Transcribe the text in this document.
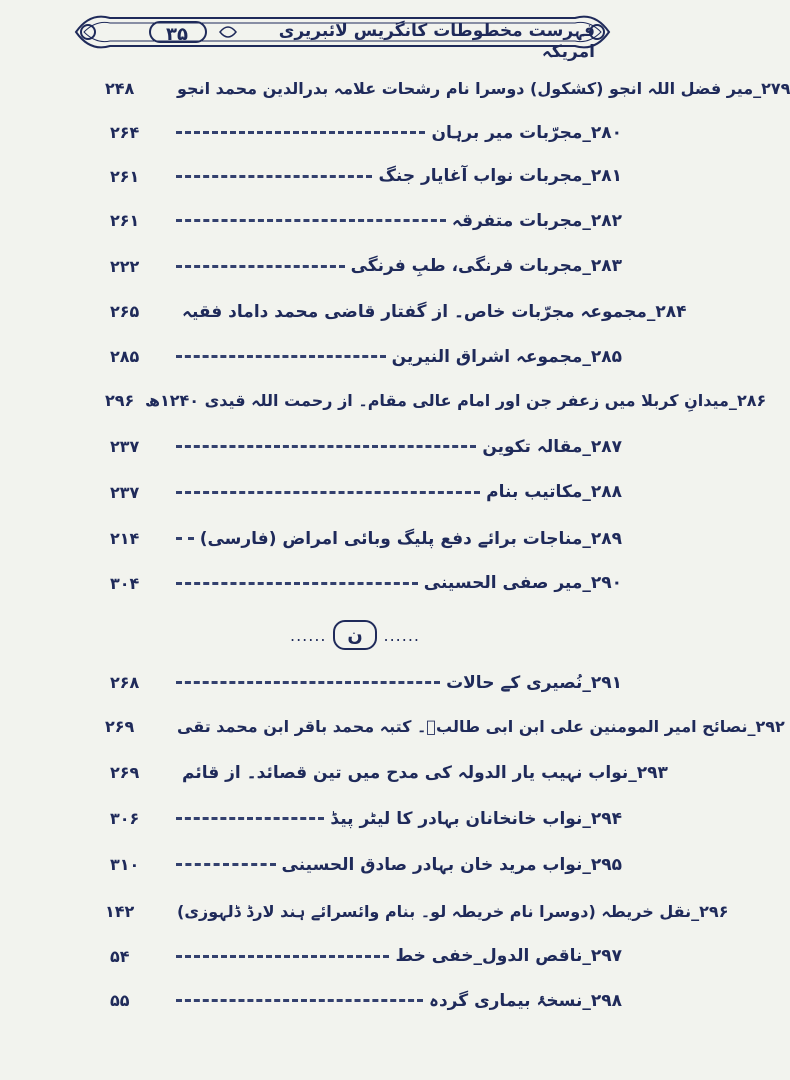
۳۵	فہرست مخطوطات کانگریس لائبریری امریکہ
۲۴۸	۲۷۹_میر فضل اللہ انجو (کشکول) دوسرا نام رشحات علامہ بدرالدین محمد انجو
۲۶۴	۲۸۰_مجرّبات میر برہان
۲۶۱	۲۸۱_مجربات نواب آغایار جنگ
۲۶۱	۲۸۲_مجربات متفرقہ
۲۲۲	۲۸۳_مجربات فرنگی، طبِ فرنگی
۲۶۵	۲۸۴_مجموعہ مجرّبات خاص۔ از گفتار قاضی محمد داماد فقیہ
۲۸۵	۲۸۵_مجموعہ اشراق النیرین
۲۹۶ ۲۸۶_میدانِ کربلا میں زعفر جن اور امام عالی مقام۔ از رحمت اللہ قیدی ۱۲۴۰ھ
۲۳۷	۲۸۷_مقالہ تکوین
۲۳۷	۲۸۸_مکاتیب بنام
۲۱۴	۲۸۹_مناجات برائے دفع پلیگ وبائی امراض (فارسی)
۳۰۴	۲۹۰_میر صفی الحسینی
۲۶۸	۲۹۱_نُصیری کے حالات
۲۶۹	۲۹۲_نصائح امیر المومنین علی ابن ابی طالبؑ۔ کتبہ محمد باقر ابن محمد تقی
۲۶۹	۲۹۳_نواب نہیب یار الدولہ کی مدح میں تین قصائد۔ از قائم
۳۰۶	۲۹۴_نواب خانخانان بہادر کا لیٹر پیڈ
۳۱۰	۲۹۵_نواب مرید خان بہادر صادق الحسینی
۱۴۲	۲۹۶_نقل خریطہ (دوسرا نام خریطہ لو۔ بنام وائسرائے ہند لارڈ ڈلہوزی)
۵۴	۲۹۷_ناقص الدول_خفی خط
۵۵	۲۹۸_نسخۂ بیماری گردہ
......	ن	......
